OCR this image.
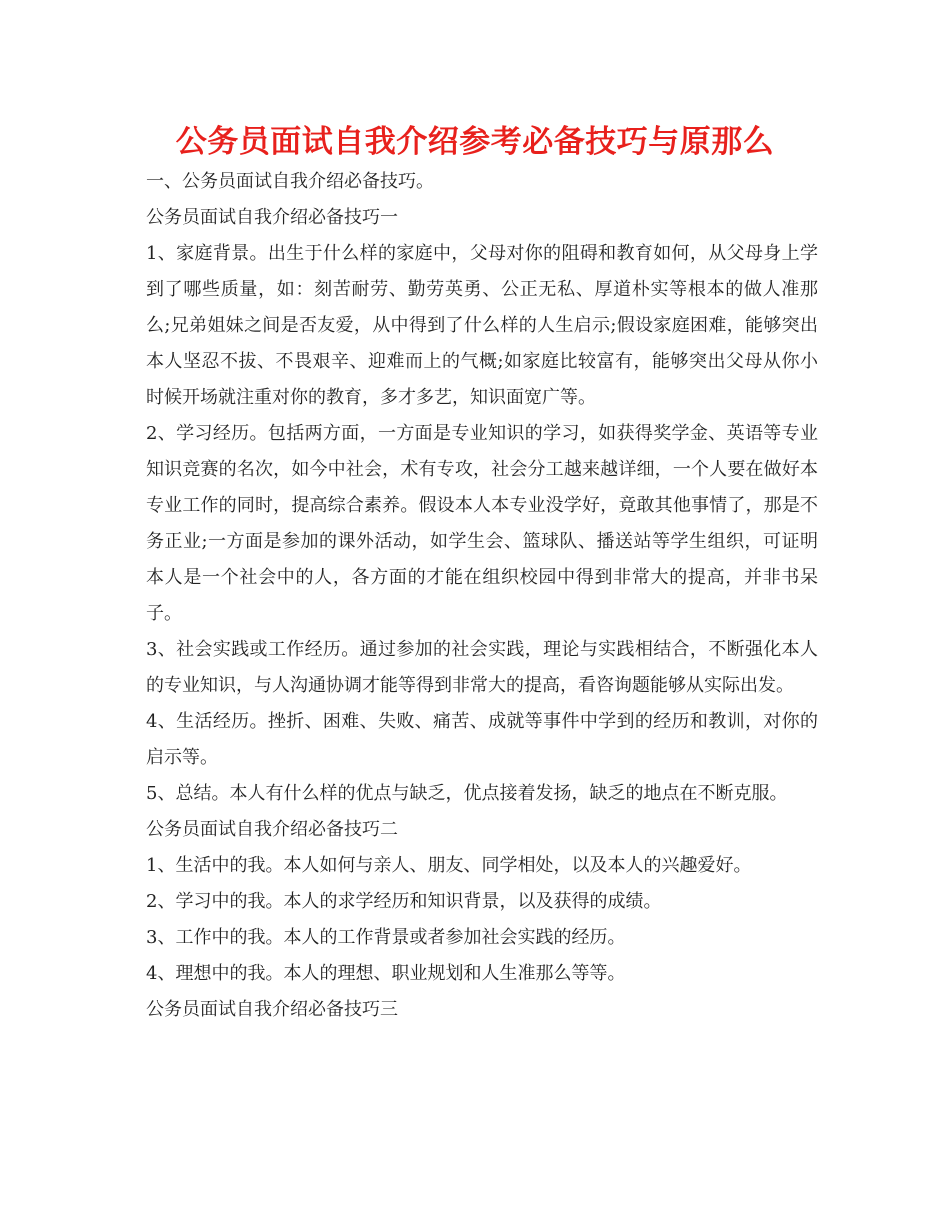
公务员面试自我介绍参考必备技巧与原那么

一、公务员面试自我介绍必备技巧。

公务员面试自我介绍必备技巧一

1、家庭背景。出生于什么样的家庭中，父母对你的阻碍和教育如何，从父母身上学到了哪些质量，如：刻苦耐劳、勤劳英勇、公正无私、厚道朴实等根本的做人准那么;兄弟姐妹之间是否友爱，从中得到了什么样的人生启示;假设家庭困难，能够突出本人坚忍不拔、不畏艰辛、迎难而上的气概;如家庭比较富有，能够突出父母从你小时候开场就注重对你的教育，多才多艺，知识面宽广等。

2、学习经历。包括两方面，一方面是专业知识的学习，如获得奖学金、英语等专业知识竞赛的名次，如今中社会，术有专攻，社会分工越来越详细，一个人要在做好本专业工作的同时，提高综合素养。假设本人本专业没学好，竟敢其他事情了，那是不务正业;一方面是参加的课外活动，如学生会、篮球队、播送站等学生组织，可证明本人是一个社会中的人，各方面的才能在组织校园中得到非常大的提高，并非书呆子。

3、社会实践或工作经历。通过参加的社会实践，理论与实践相结合，不断强化本人的专业知识，与人沟通协调才能等得到非常大的提高，看咨询题能够从实际出发。

4、生活经历。挫折、困难、失败、痛苦、成就等事件中学到的经历和教训，对你的启示等。

5、总结。本人有什么样的优点与缺乏，优点接着发扬，缺乏的地点在不断克服。

公务员面试自我介绍必备技巧二

1、生活中的我。本人如何与亲人、朋友、同学相处，以及本人的兴趣爱好。

2、学习中的我。本人的求学经历和知识背景，以及获得的成绩。

3、工作中的我。本人的工作背景或者参加社会实践的经历。

4、理想中的我。本人的理想、职业规划和人生准那么等等。

公务员面试自我介绍必备技巧三
